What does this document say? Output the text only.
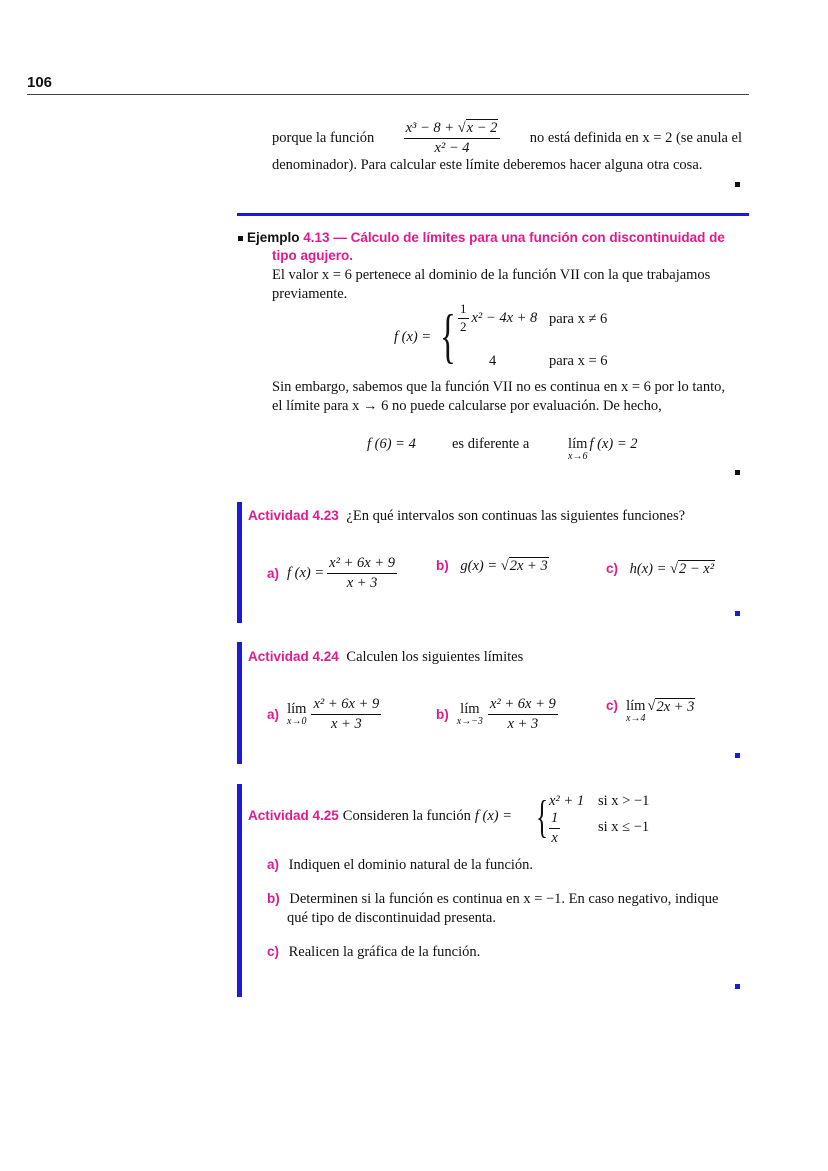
106
porque la función $\frac{\text{x³ − 8 + √x − 2}}{\text{x² − 4}}$ no está definida en x = 2 (se anula el
denominador). Para calcular este límite deberemos hacer alguna otra cosa.
Ejemplo 4.13 — Cálculo de límites para una función con discontinuidad de
tipo agujero.
El valor x = 6 pertenece al dominio de la función VII con la que trabajamos
previamente.
f (x) = { $\frac{1}{2} x^2 - 4x + 8$ para x ≠ 6
4	para x = 6
Sin embargo, sabemos que la función VII no es continua en x = 6 por lo tanto,
el límite para x → 6 no puede calcularse por evaluación. De hecho,
f (6) = 4 es diferente a	lím
x→6
f (x) = 2
Actividad 4.23 ¿En qué intervalos son continuas las siguientes funciones?
a) f $(x) = \frac{\text{x² + 6x + 9}}{x + 3}$	b) g(x) = √2x + 3	c) h(x) = √2 − x²
Actividad 4.24 Calculen los siguientes límites
a) lím
$x\to 0 \frac{\text{x² + 6x + 9}}{x + 3}$	b) lím
$x\to-3 \frac{\text{x² + 6x + 9}}{x + 3}$	c) lím
x→4
√ 2x + 3
Actividad 4.25 Consideren la función f (x) = { x² + 1 si x > −1
$\frac{1}{x}$	si x ≤ −1
a) Indiquen el dominio natural de la función.
b) Determinen si la función es continua en x = −1. En caso negativo, indique
qué tipo de discontinuidad presenta.
c) Realicen la gráfica de la función.
